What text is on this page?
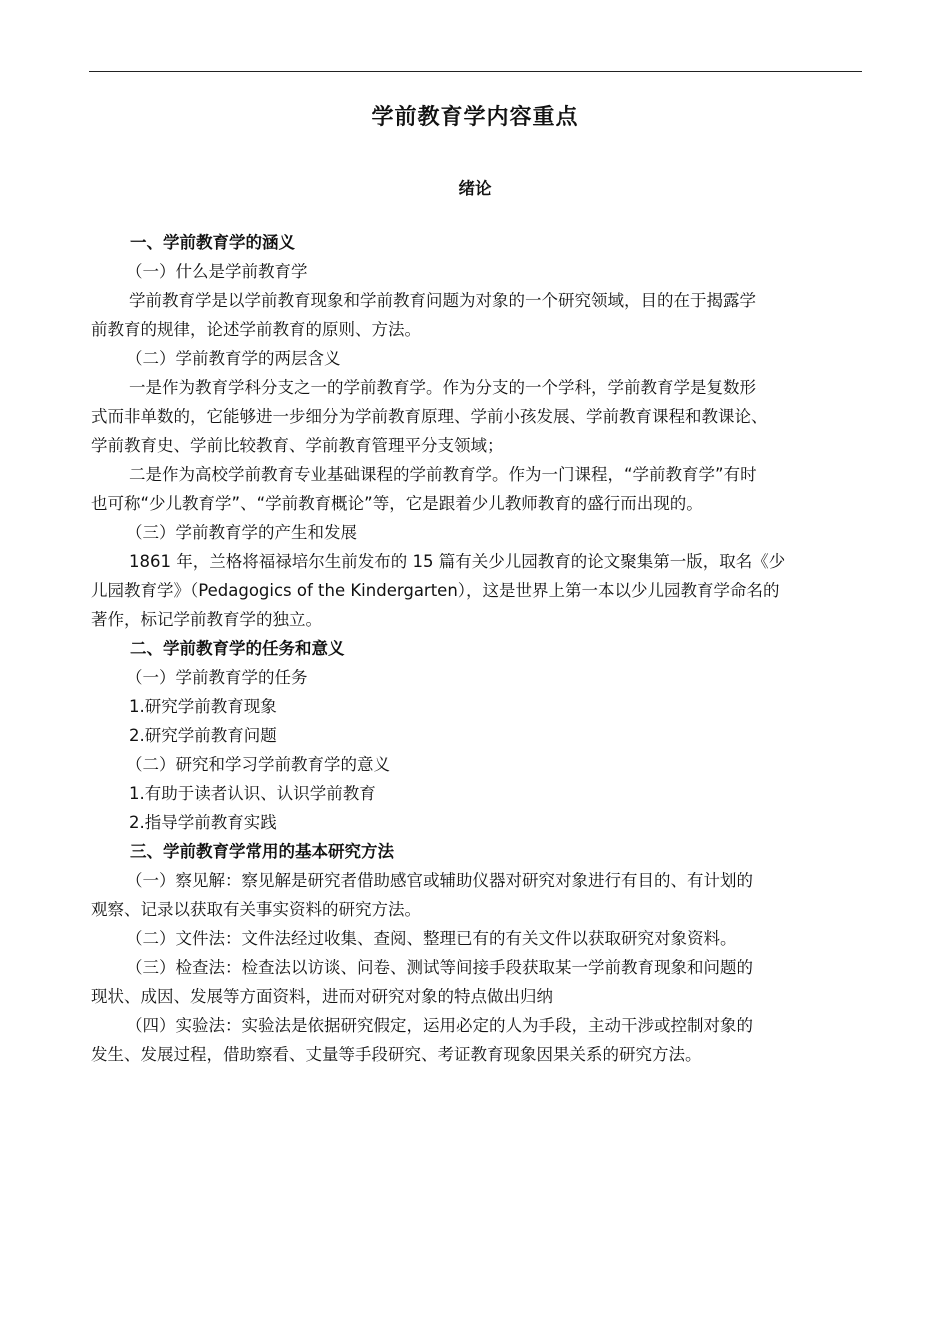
学前教育学内容重点
绪论

一、学前教育学的涵义

（一）什么是学前教育学

学前教育学是以学前教育现象和学前教育问题为对象的一个研究领域，目的在于揭露学

前教育的规律，论述学前教育的原则、方法。

（二）学前教育学的两层含义

一是作为教育学科分支之一的学前教育学。作为分支的一个学科，学前教育学是复数形

式而非单数的，它能够进一步细分为学前教育原理、学前小孩发展、学前教育课程和教课论、

学前教育史、学前比较教育、学前教育管理平分支领域；

二是作为高校学前教育专业基础课程的学前教育学。作为一门课程，“学前教育学”有时

也可称“少儿教育学”、“学前教育概论”等，它是跟着少儿教师教育的盛行而出现的。

（三）学前教育学的产生和发展

1861 年，兰格将福禄培尔生前发布的 15 篇有关少儿园教育的论文聚集第一版，取名《少

儿园教育学》（Pedagogics of the Kindergarten），这是世界上第一本以少儿园教育学命名的

著作，标记学前教育学的独立。

二、学前教育学的任务和意义

（一）学前教育学的任务

1.研究学前教育现象

2.研究学前教育问题

（二）研究和学习学前教育学的意义

1.有助于读者认识、认识学前教育

2.指导学前教育实践

三、学前教育学常用的基本研究方法

（一）察见解：察见解是研究者借助感官或辅助仪器对研究对象进行有目的、有计划的

观察、记录以获取有关事实资料的研究方法。

（二）文件法：文件法经过收集、查阅、整理已有的有关文件以获取研究对象资料。

（三）检查法：检查法以访谈、问卷、测试等间接手段获取某一学前教育现象和问题的

现状、成因、发展等方面资料，进而对研究对象的特点做出归纳

（四）实验法：实验法是依据研究假定，运用必定的人为手段，主动干涉或控制对象的

发生、发展过程，借助察看、丈量等手段研究、考证教育现象因果关系的研究方法。
